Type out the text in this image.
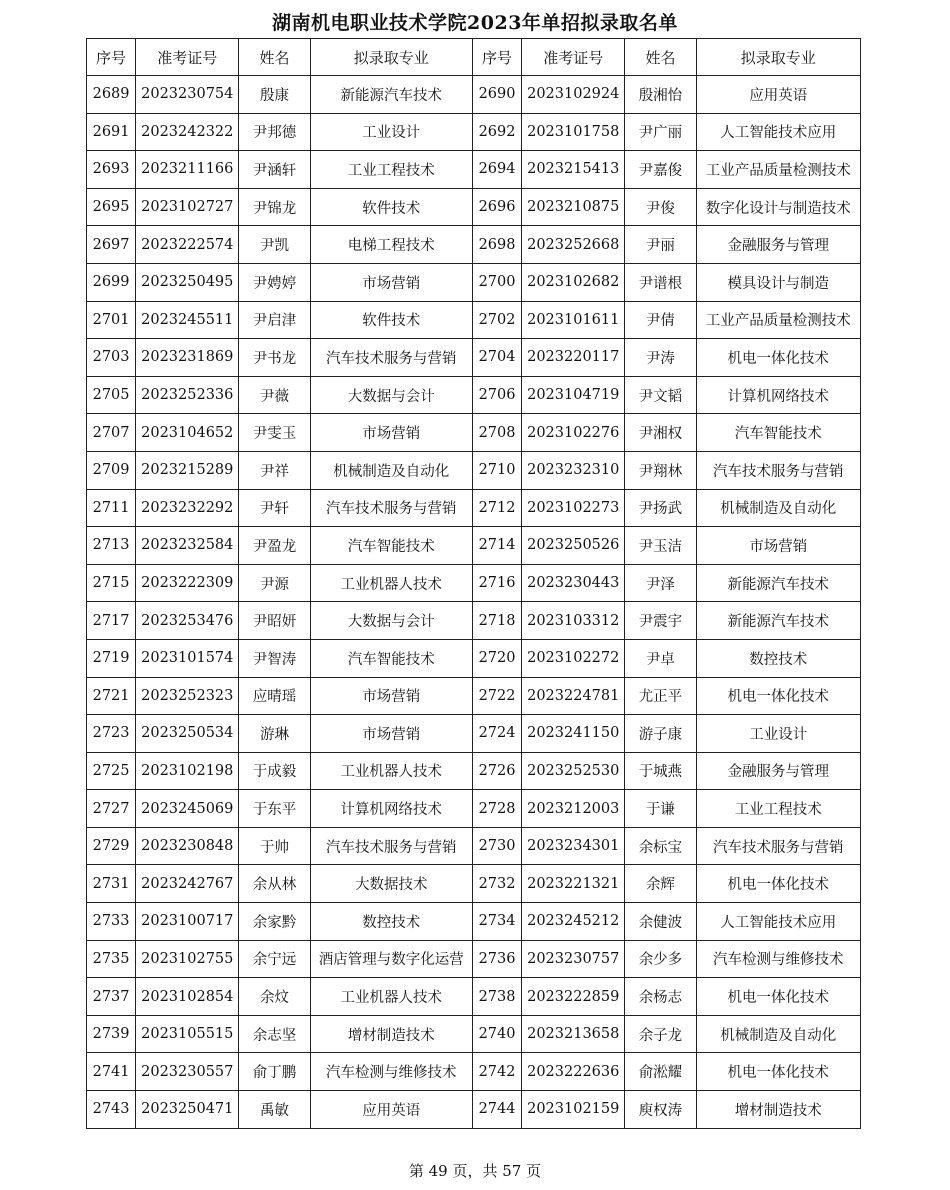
湖南机电职业技术学院2023年单招拟录取名单
序号	准考证号	姓名	拟录取专业	序号	准考证号	姓名	拟录取专业
2689	2023230754	殷康	新能源汽车技术	2690	2023102924	殷湘怡	应用英语
2691	2023242322	尹邦德	工业设计	2692	2023101758	尹广丽	人工智能技术应用
2693	2023211166	尹涵轩	工业工程技术	2694	2023215413	尹嘉俊	工业产品质量检测技术
2695	2023102727	尹锦龙	软件技术	2696	2023210875	尹俊	数字化设计与制造技术
2697	2023222574	尹凯	电梯工程技术	2698	2023252668	尹丽	金融服务与管理
2699	2023250495	尹娉婷	市场营销	2700	2023102682	尹谱根	模具设计与制造
2701	2023245511	尹启津	软件技术	2702	2023101611	尹倩	工业产品质量检测技术
2703	2023231869	尹书龙	汽车技术服务与营销	2704	2023220117	尹涛	机电一体化技术
2705	2023252336	尹薇	大数据与会计	2706	2023104719	尹文韬	计算机网络技术
2707	2023104652	尹雯玉	市场营销	2708	2023102276	尹湘权	汽车智能技术
2709	2023215289	尹祥	机械制造及自动化	2710	2023232310	尹翔林	汽车技术服务与营销
2711	2023232292	尹轩	汽车技术服务与营销	2712	2023102273	尹扬武	机械制造及自动化
2713	2023232584	尹盈龙	汽车智能技术	2714	2023250526	尹玉洁	市场营销
2715	2023222309	尹源	工业机器人技术	2716	2023230443	尹泽	新能源汽车技术
2717	2023253476	尹昭妍	大数据与会计	2718	2023103312	尹震宇	新能源汽车技术
2719	2023101574	尹智涛	汽车智能技术	2720	2023102272	尹卓	数控技术
2721	2023252323	应晴瑶	市场营销	2722	2023224781	尤正平	机电一体化技术
2723	2023250534	游琳	市场营销	2724	2023241150	游子康	工业设计
2725	2023102198	于成毅	工业机器人技术	2726	2023252530	于城燕	金融服务与管理
2727	2023245069	于东平	计算机网络技术	2728	2023212003	于谦	工业工程技术
2729	2023230848	于帅	汽车技术服务与营销	2730	2023234301	余标宝	汽车技术服务与营销
2731	2023242767	余从林	大数据技术	2732	2023221321	余辉	机电一体化技术
2733	2023100717	余家黔	数控技术	2734	2023245212	余健波	人工智能技术应用
2735	2023102755	余宁远	酒店管理与数字化运营	2736	2023230757	余少多	汽车检测与维修技术
2737	2023102854	余炆	工业机器人技术	2738	2023222859	余杨志	机电一体化技术
2739	2023105515	余志坚	增材制造技术	2740	2023213658	余子龙	机械制造及自动化
2741	2023230557	俞丁鹏	汽车检测与维修技术	2742	2023222636	俞淞耀	机电一体化技术
2743	2023250471	禹敏	应用英语	2744	2023102159	庾权涛	增材制造技术
第 49 页，共 57 页
